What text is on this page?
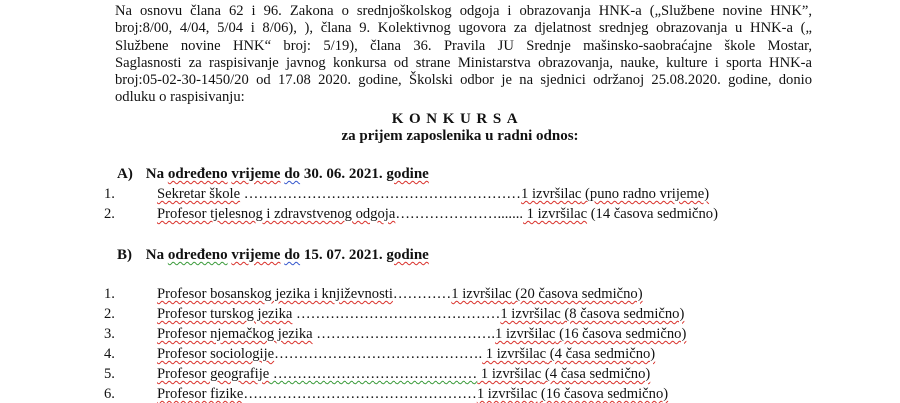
Na osnovu člana 62 i 96. Zakona o srednjoškolskog odgoja i obrazovanja HNK-a („Službene novine HNK”,
broj:8/00, 4/04, 5/04 i 8/06), ), člana 9. Kolektivnog ugovora za djelatnost srednjeg obrazovanja u HNK-a („
Službene novine HNK“ broj: 5/19), člana 36. Pravila JU Srednje mašinsko-saobraćajne škole Mostar,
Saglasnosti za raspisivanje javnog konkursa od strane Ministarstva obrazovanja, nauke, kulture i sporta HNK-a
broj:05-02-30-1450/20 od 17.08 2020. godine, Školski odbor je na sjednici održanoj 25.08.2020. godine, donio
odluku o raspisivanju:
KONKURSA
za prijem zaposlenika u radni odnos:
A) Na određeno vrijeme do 30. 06. 2021. godine
1.	Sekretar škole …………………………………………………1 izvršilac (puno radno vrijeme)
2.	Profesor tjelesnog i zdravstvenog odgoja…………………....... 1 izvršilac (14 časova sedmično)
B) Na određeno vrijeme do 15. 07. 2021. godine
1.	Profesor bosanskog jezika i književnosti…………1 izvršilac (20 časova sedmično)
2.	Profesor turskog jezika ……………………………………1 izvršilac (8 časova sedmično)
3.	Profesor njemačkog jezika ……………………………….1 izvršilac (16 časova sedmično)
4.	Profesor sociologije……………………………………. 1 izvršilac (4 časa sedmično)
5.	Profesor geografije …………………………………… 1 izvršilac (4 časa sedmično)
6.	Profesor fizike…………………………………………1 izvršilac (16 časova sedmično)
